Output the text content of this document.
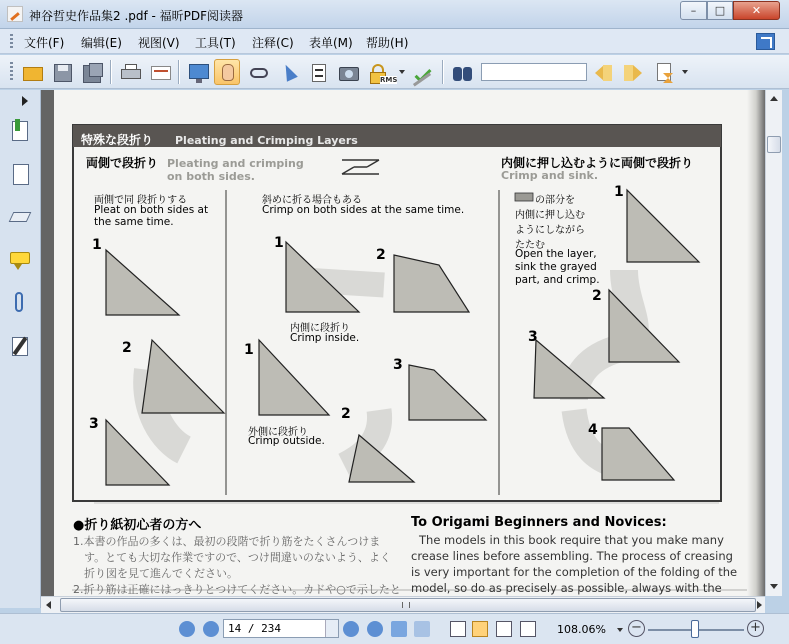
神谷哲史作品集2 .pdf - 福昕PDF阅读器	–	□	✕
文件(F) 编辑(E) 视图(V) 工具(T) 注释(C) 表单(M) 帮助(H)
RMS
特殊な段折り Pleating and Crimping Layers
両側で段折り Pleating and crimping on both sides.
両側で同 段折りする
Pleat on both sides at the same time.
斜めに折る場合もある
Crimp on both sides at the same time.
内側に段折り
Crimp inside.
外側に段折り
Crimp outside.
内側に押し込むように両側で段折り
Crimp and sink.
の部分を
内側に押し込む
ようにしながら
たたむ
Open the layer,
sink the grayed
part, and crimp.
1
2
3
1
2
1
3
2
1
2
3
4
●折り紙初心者の方へ
1.本書の作品の多くは、最初の段階で折り筋をたくさんつけま
す。とても大切な作業ですので、つけ間違いのないよう、よく
折り図を見て進んでください。
2.折り筋は正確にはっきりとつけてください。カドや○で示したと
To Origami Beginners and Novices:
The models in this book require that you make many
crease lines before assembling. The process of creasing
is very important for the completion of the folding of the
model, so do as precisely as possible, always with the
14 / 234	108.06% −	+
